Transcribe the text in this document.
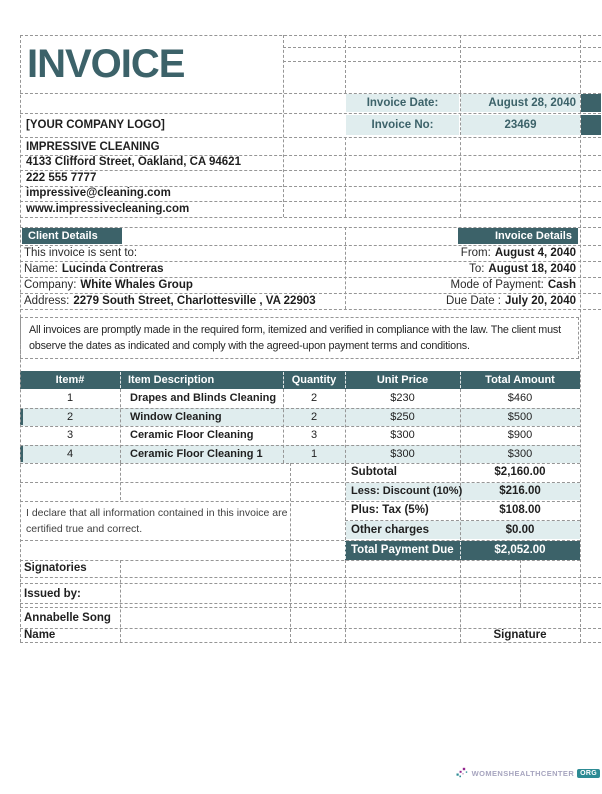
All invoices are promptly made in the required form, itemized and verified in compliance with the law. The client must observe the dates as indicated and comply with the agreed-upon payment terms and conditions.
INVOICE
Invoice Date:	August 28, 2040
Invoice No:	23469
[YOUR COMPANY LOGO]
IMPRESSIVE CLEANING
4133 Clifford Street, Oakland, CA 94621
222 555 7777
impressive@cleaning.com
www.impressivecleaning.com
Client Details	Invoice Details
This invoice is sent to:
Name: Lucinda Contreras
Company: White Whales Group
Address: 2279 South Street, Charlottesville , VA 22903
From: August 4, 2040
To: August 18, 2040
Mode of Payment: Cash
Due Date : July 20, 2040
Item#	Item Description	Quantity	Unit Price	Total Amount
1	Drapes and Blinds Cleaning	2	$230	$460
2	Window Cleaning	2	$250	$500
3	Ceramic Floor Cleaning	3	$300	$900
4	Ceramic Floor Cleaning 1	1	$300	$300
Subtotal	$2,160.00
Less: Discount (10%)	$216.00
Plus: Tax (5%)	$108.00
Other charges	$0.00
Total Payment Due	$2,052.00
I declare that all information contained in this invoice are certified true and correct.
Signatories
Issued by:
Annabelle Song
Name	Signature
WOMENSHEALTHCENTER ORG
